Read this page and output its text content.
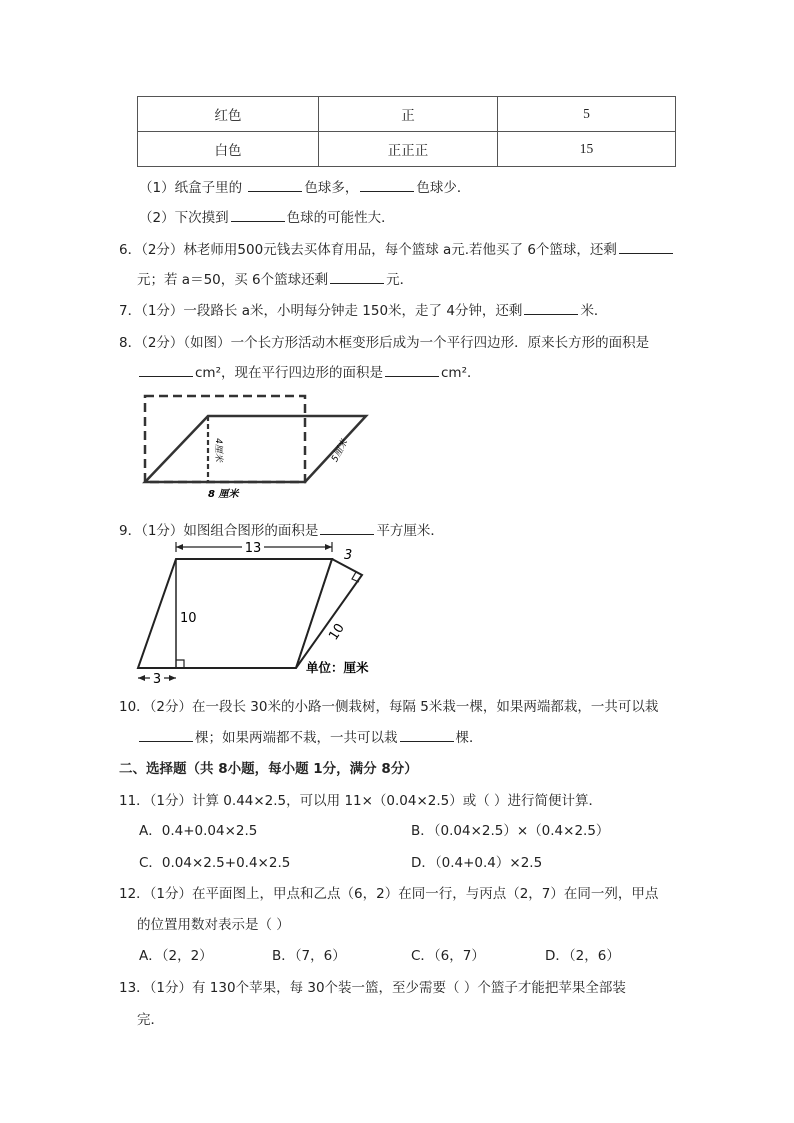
红色	正	5
白色	正正正	15
（1）纸盒子里的	色球多，	色球少．
（2）下次摸到	色球的可能性大．
6．（2分）林老师用500元钱去买体育用品，每个篮球 a元.若他买了 6个篮球，还剩
元；若 a＝50，买 6个篮球还剩	元．
7．（1分）一段路长 a米，小明每分钟走 150米，走了 4分钟，还剩	米．
8．（2分）（如图）一个长方形活动木框变形后成为一个平行四边形．原来长方形的面积是
cm²，现在平行四边形的面积是	cm²．
4厘米	5厘米
8 厘米
9．（1分）如图组合图形的面积是	平方厘米．
13
10
3
10
3
单位：厘米
10．（2分）在一段长 30米的小路一侧栽树，每隔 5米栽一棵，如果两端都栽，一共可以栽
棵；如果两端都不栽，一共可以栽	棵．
二、选择题（共 8小题，每小题 1分，满分 8分）
11．（1分）计算 0.44×2.5，可以用 11×（0.04×2.5）或（ ）进行简便计算．
A．0.4+0.04×2.5	B．（0.04×2.5）×（0.4×2.5）
C．0.04×2.5+0.4×2.5	D．（0.4+0.4）×2.5
12．（1分）在平面图上，甲点和乙点（6，2）在同一行，与丙点（2，7）在同一列，甲点
的位置用数对表示是（ ）
A．（2，2）	B．（7，6）	C．（6，7）	D．（2，6）
13．（1分）有 130个苹果，每 30个装一篮，至少需要（ ）个篮子才能把苹果全部装
完．
